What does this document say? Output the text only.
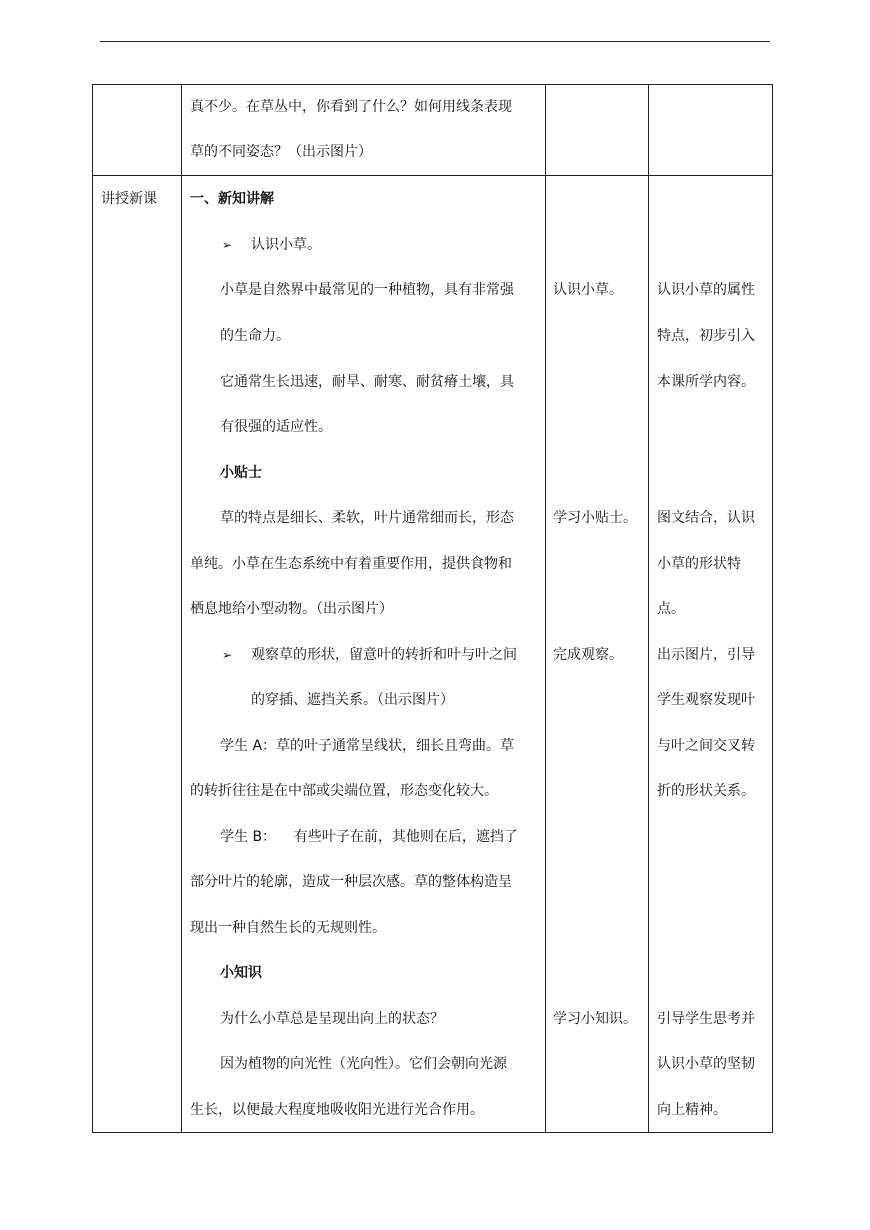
真不少。在草丛中，你看到了什么？如何用线条表现
草的不同姿态？（出示图片）
讲授新课 一、新知讲解
➢ 认识小草。
小草是自然界中最常见的一种植物，具有非常强
的生命力。
它通常生长迅速，耐旱、耐寒、耐贫瘠土壤，具
有很强的适应性。
小贴士
草的特点是细长、柔软，叶片通常细而长，形态
单纯。小草在生态系统中有着重要作用，提供食物和
栖息地给小型动物。（出示图片）
➢ 观察草的形状，留意叶的转折和叶与叶之间
的穿插、遮挡关系。（出示图片）
学生 A：草的叶子通常呈线状，细长且弯曲。草
的转折往往是在中部或尖端位置，形态变化较大。
学生 B：    有些叶子在前，其他则在后，遮挡了
部分叶片的轮廓，造成一种层次感。草的整体构造呈
现出一种自然生长的无规则性。
小知识
为什么小草总是呈现出向上的状态？
因为植物的向光性（光向性）。它们会朝向光源
生长，以便最大程度地吸收阳光进行光合作用。
认识小草。
学习小贴士。
完成观察。
学习小知识。
认识小草的属性
特点，初步引入
本课所学内容。
图文结合，认识
小草的形状特
点。
出示图片，引导
学生观察发现叶
与叶之间交叉转
折的形状关系。
引导学生思考并
认识小草的坚韧
向上精神。
